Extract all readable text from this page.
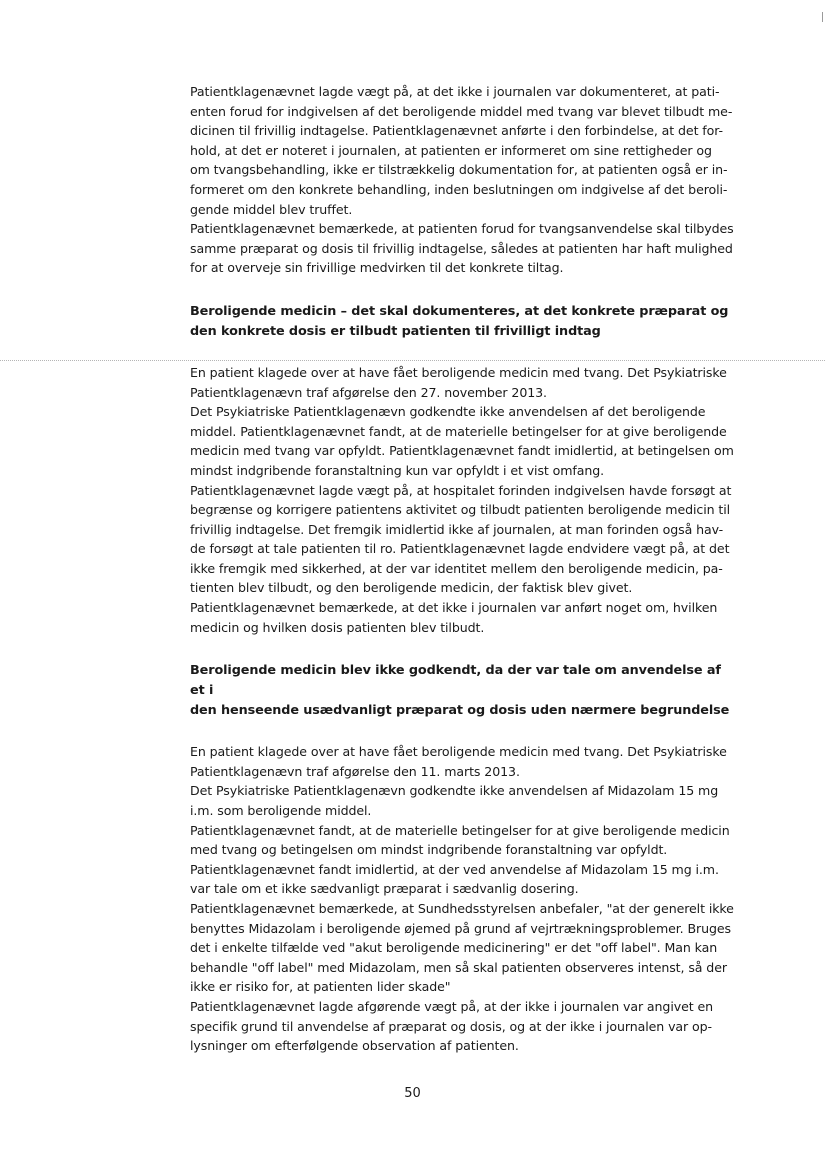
Patientklagenævnet lagde vægt på, at det ikke i journalen var dokumenteret, at pati-
enten forud for indgivelsen af det beroligende middel med tvang var blevet tilbudt me-
dicinen til frivillig indtagelse. Patientklagenævnet anførte i den forbindelse, at det for-
hold, at det er noteret i journalen, at patienten er informeret om sine rettigheder og
om tvangsbehandling, ikke er tilstrækkelig dokumentation for, at patienten også er in-
formeret om den konkrete behandling, inden beslutningen om indgivelse af det beroli-
gende middel blev truffet.
Patientklagenævnet bemærkede, at patienten forud for tvangsanvendelse skal tilbydes
samme præparat og dosis til frivillig indtagelse, således at patienten har haft mulighed
for at overveje sin frivillige medvirken til det konkrete tiltag.
Beroligende medicin – det skal dokumenteres, at det konkrete præparat og
den konkrete dosis er tilbudt patienten til frivilligt indtag
En patient klagede over at have fået beroligende medicin med tvang. Det Psykiatriske
Patientklagenævn traf afgørelse den 27. november 2013.
Det Psykiatriske Patientklagenævn godkendte ikke anvendelsen af det beroligende
middel. Patientklagenævnet fandt, at de materielle betingelser for at give beroligende
medicin med tvang var opfyldt. Patientklagenævnet fandt imidlertid, at betingelsen om
mindst indgribende foranstaltning kun var opfyldt i et vist omfang.
Patientklagenævnet lagde vægt på, at hospitalet forinden indgivelsen havde forsøgt at
begrænse og korrigere patientens aktivitet og tilbudt patienten beroligende medicin til
frivillig indtagelse. Det fremgik imidlertid ikke af journalen, at man forinden også hav-
de forsøgt at tale patienten til ro. Patientklagenævnet lagde endvidere vægt på, at det
ikke fremgik med sikkerhed, at der var identitet mellem den beroligende medicin, pa-
tienten blev tilbudt, og den beroligende medicin, der faktisk blev givet.
Patientklagenævnet bemærkede, at det ikke i journalen var anført noget om, hvilken
medicin og hvilken dosis patienten blev tilbudt.
Beroligende medicin blev ikke godkendt, da der var tale om anvendelse af et i
den henseende usædvanligt præparat og dosis uden nærmere begrundelse
En patient klagede over at have fået beroligende medicin med tvang. Det Psykiatriske
Patientklagenævn traf afgørelse den 11. marts 2013.
Det Psykiatriske Patientklagenævn godkendte ikke anvendelsen af Midazolam 15 mg
i.m. som beroligende middel.
Patientklagenævnet fandt, at de materielle betingelser for at give beroligende medicin
med tvang og betingelsen om mindst indgribende foranstaltning var opfyldt.
Patientklagenævnet fandt imidlertid, at der ved anvendelse af Midazolam 15 mg i.m.
var tale om et ikke sædvanligt præparat i sædvanlig dosering.
Patientklagenævnet bemærkede, at Sundhedsstyrelsen anbefaler, "at der generelt ikke
benyttes Midazolam i beroligende øjemed på grund af vejrtrækningsproblemer. Bruges
det i enkelte tilfælde ved "akut beroligende medicinering" er det "off label". Man kan
behandle "off label" med Midazolam, men så skal patienten observeres intenst, så der
ikke er risiko for, at patienten lider skade"
Patientklagenævnet lagde afgørende vægt på, at der ikke i journalen var angivet en
specifik grund til anvendelse af præparat og dosis, og at der ikke i journalen var op-
lysninger om efterfølgende observation af patienten.
50
